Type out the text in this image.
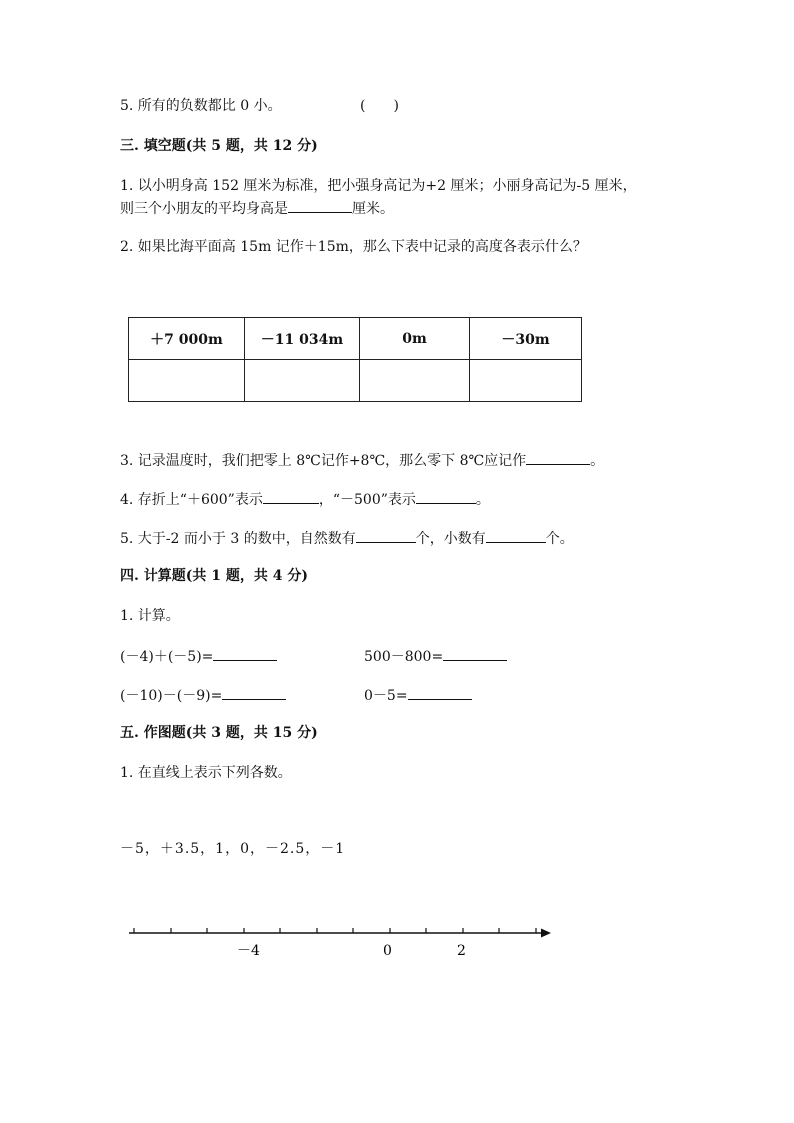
5. 所有的负数都比 0 小。	(　　)
三. 填空题(共 5 题，共 12 分)
1. 以小明身高 152 厘米为标准，把小强身高记为+2 厘米；小丽身高记为-5 厘米，
则三个小朋友的平均身高是	厘米。
2. 如果比海平面高 15m 记作＋15m，那么下表中记录的高度各表示什么？
＋7 000m	－11 034m	0m	－30m

3. 记录温度时，我们把零上 8℃记作+8℃，那么零下 8℃应记作	。
4. 存折上“＋600”表示	，“－500”表示	。
5. 大于-2 而小于 3 的数中，自然数有	个，小数有	个。
四. 计算题(共 1 题，共 4 分)
1. 计算。
(－4)＋(－5)=	500－800=
(－10)－(－9)=	0－5=
五. 作图题(共 3 题，共 15 分)
1. 在直线上表示下列各数。
－5，＋3.5，1，0，－2.5，－1
－4	0	2
